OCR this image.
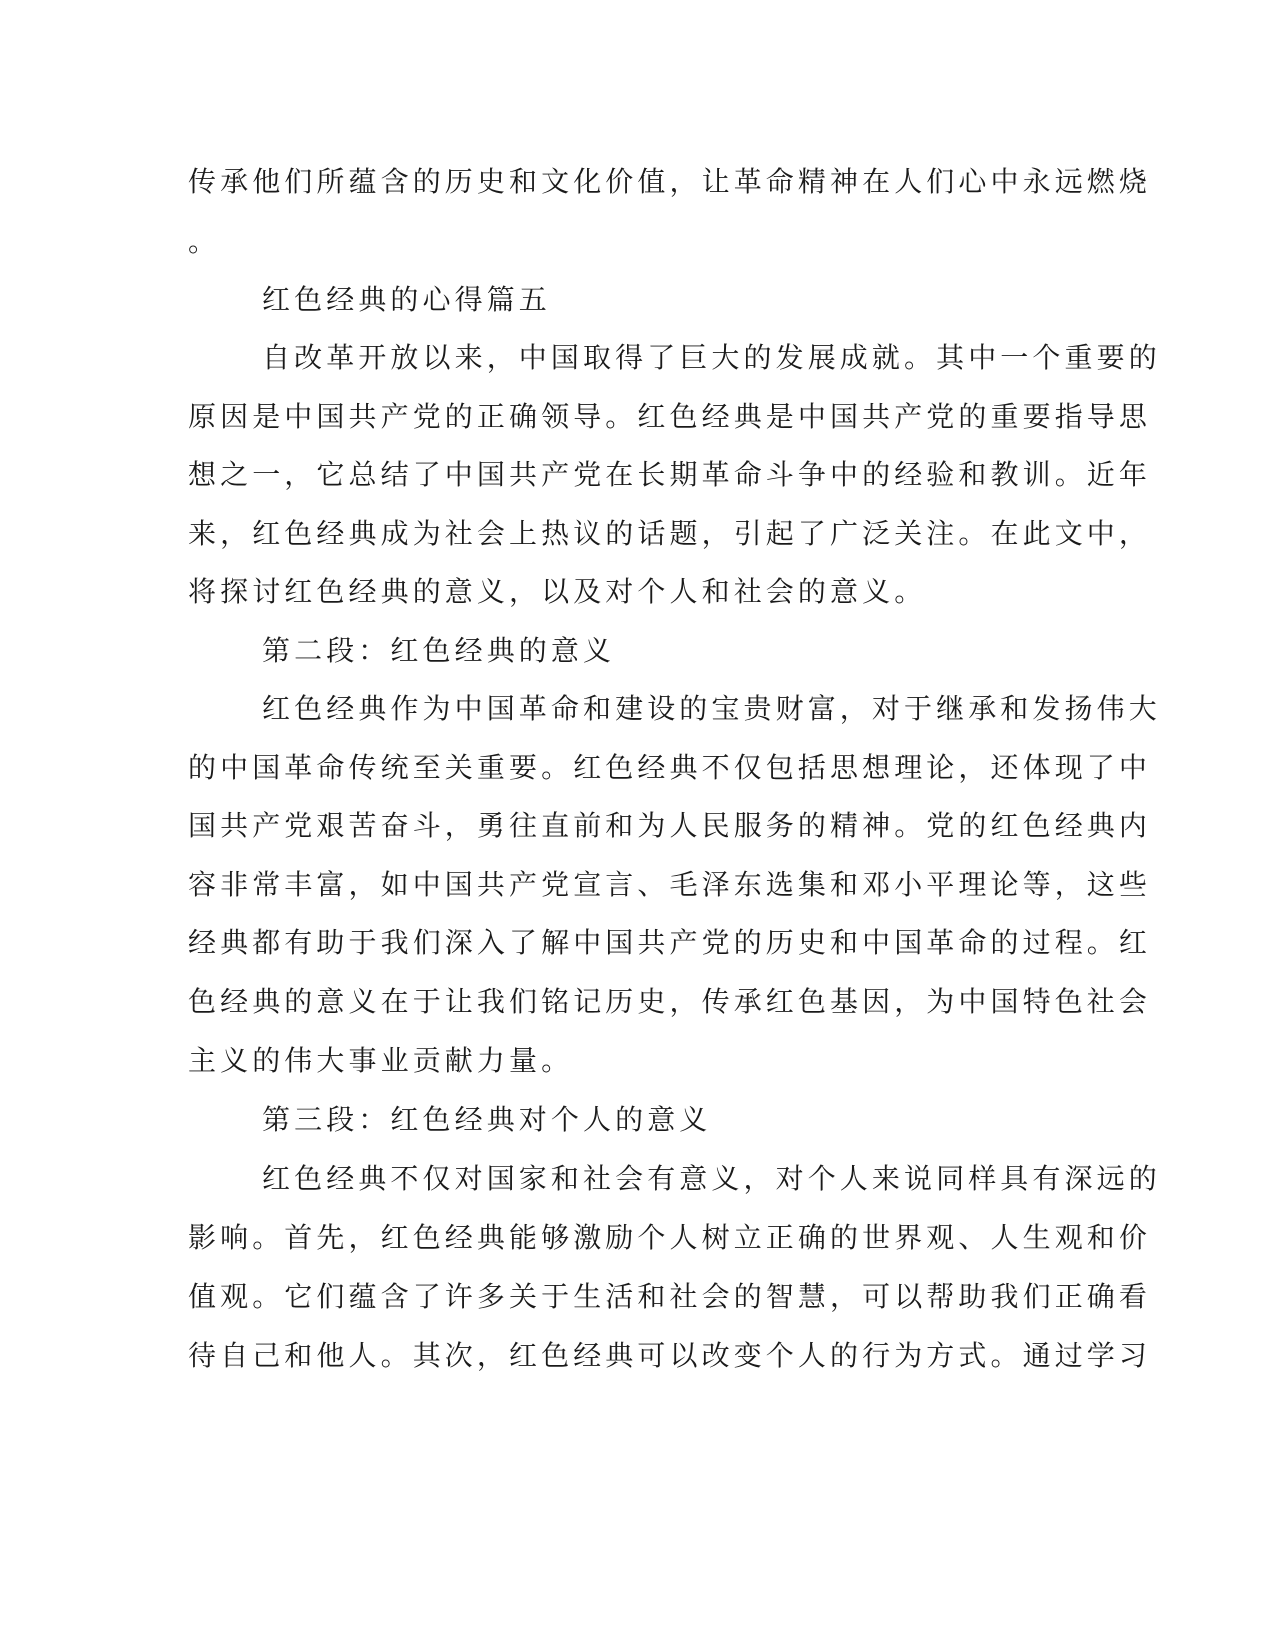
传承他们所蕴含的历史和文化价值，让革命精神在人们心中永远燃烧
。
红色经典的心得篇五
自改革开放以来，中国取得了巨大的发展成就。其中一个重要的
原因是中国共产党的正确领导。红色经典是中国共产党的重要指导思
想之一，它总结了中国共产党在长期革命斗争中的经验和教训。近年
来，红色经典成为社会上热议的话题，引起了广泛关注。在此文中，
将探讨红色经典的意义，以及对个人和社会的意义。
第二段：红色经典的意义
红色经典作为中国革命和建设的宝贵财富，对于继承和发扬伟大
的中国革命传统至关重要。红色经典不仅包括思想理论，还体现了中
国共产党艰苦奋斗，勇往直前和为人民服务的精神。党的红色经典内
容非常丰富，如中国共产党宣言、毛泽东选集和邓小平理论等，这些
经典都有助于我们深入了解中国共产党的历史和中国革命的过程。红
色经典的意义在于让我们铭记历史，传承红色基因，为中国特色社会
主义的伟大事业贡献力量。
第三段：红色经典对个人的意义
红色经典不仅对国家和社会有意义，对个人来说同样具有深远的
影响。首先，红色经典能够激励个人树立正确的世界观、人生观和价
值观。它们蕴含了许多关于生活和社会的智慧，可以帮助我们正确看
待自己和他人。其次，红色经典可以改变个人的行为方式。通过学习
